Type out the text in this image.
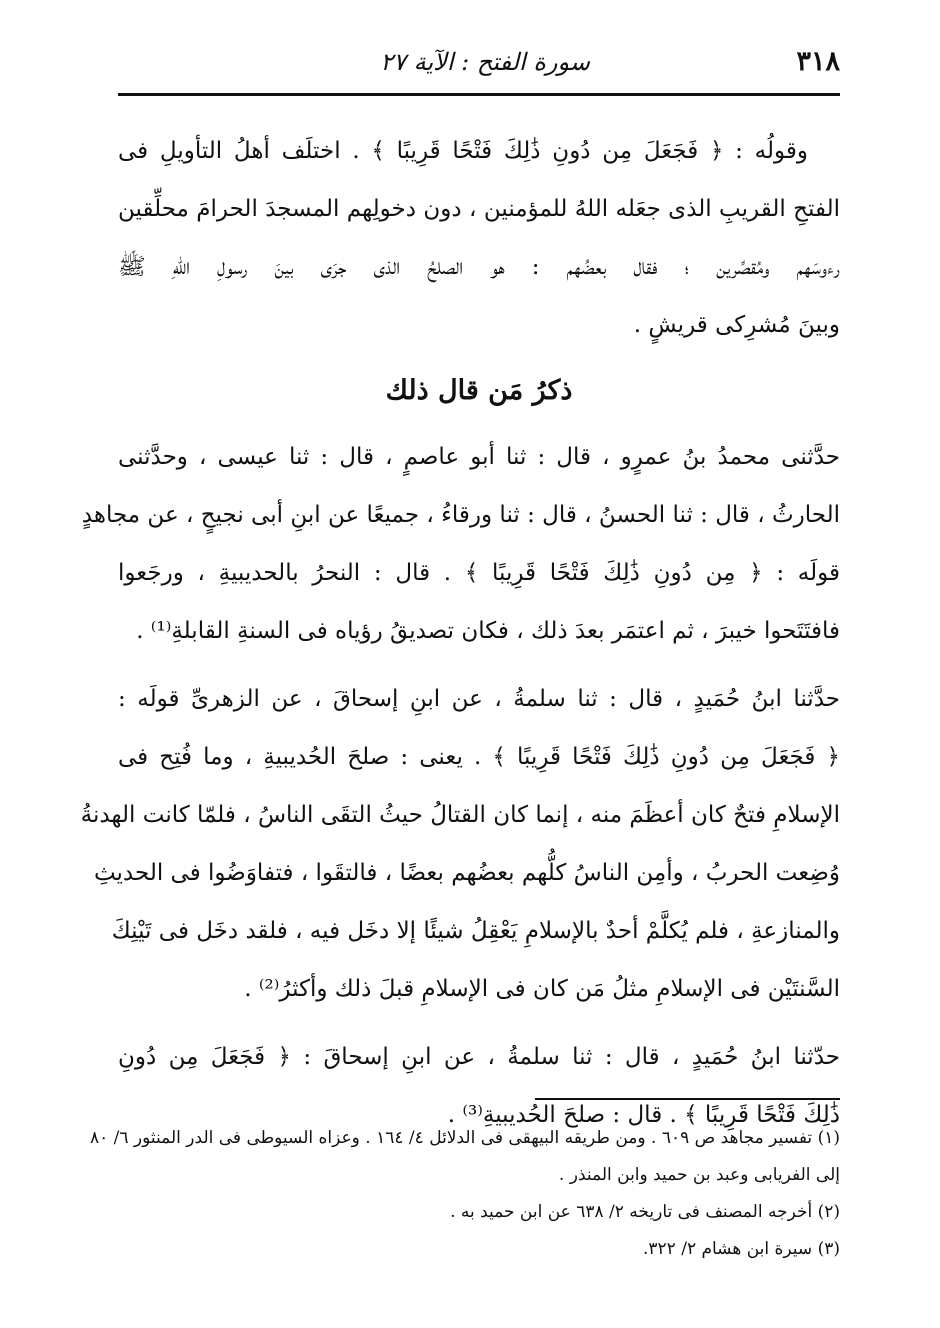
٣١٨
سورة الفتح : الآية ٢٧
وقولُه : ﴿ فَجَعَلَ مِن دُونِ ذَٰلِكَ فَتْحًا قَرِيبًا ﴾ . اختلَف أهلُ التأويلِ فى
الفتحِ القريبِ الذى جعَله اللهُ للمؤمنين ، دون دخولِهم المسجدَ الحرامَ محلِّقين
رءوسَهم ومُقصِّرين ؛ فقال بعضُهم : هو الصلحُ الذى جرَى بينَ رسولِ اللهِ ﷺ
وبينَ مُشرِكى قريشٍ .
ذكرُ مَن قال ذلك
حدَّثنى محمدُ بنُ عمرٍو ، قال : ثنا أبو عاصمٍ ، قال : ثنا عيسى ، وحدَّثنى
الحارثُ ، قال : ثنا الحسنُ ، قال : ثنا ورقاءُ ، جميعًا عن ابنِ أبى نجيحٍ ، عن مجاهدٍ
قولَه : ﴿ مِن دُونِ ذَٰلِكَ فَتْحًا قَرِيبًا ﴾ . قال : النحرُ بالحديبيةِ ، ورجَعوا
فافتَتَحوا خيبرَ ، ثم اعتمَر بعدَ ذلك ، فكان تصديقُ رؤياه فى السنةِ القابلةِ⁽¹⁾ .
حدَّثنا ابنُ حُمَيدٍ ، قال : ثنا سلمةُ ، عن ابنِ إسحاقَ ، عن الزهرىِّ قولَه :
﴿ فَجَعَلَ مِن دُونِ ذَٰلِكَ فَتْحًا قَرِيبًا ﴾ . يعنى : صلحَ الحُديبيةِ ، وما فُتِح فى
الإسلامِ فتحٌ كان أعظَمَ منه ، إنما كان القتالُ حيثُ التقَى الناسُ ، فلمّا كانت الهدنةُ
وُضِعت الحربُ ، وأمِن الناسُ كلُّهم بعضُهم بعضًا ، فالتقَوا ، فتفاوَضُوا فى الحديثِ
والمنازعةِ ، فلم يُكلَّمْ أحدٌ بالإسلامِ يَعْقِلُ شيئًا إلا دخَل فيه ، فلقد دخَل فى تَيْنِكَ
السَّنتَيْن فى الإسلامِ مثلُ مَن كان فى الإسلامِ قبلَ ذلك وأكثرُ⁽²⁾ .
حدّثنا ابنُ حُمَيدٍ ، قال : ثنا سلمةُ ، عن ابنِ إسحاقَ : ﴿ فَجَعَلَ مِن دُونِ
ذَٰلِكَ فَتْحًا قَرِيبًا ﴾ . قال : صلحَ الحُديبيةِ⁽³⁾ .
(١) تفسير مجاهد ص ٦٠٩ . ومن طريقه البيهقى فى الدلائل ٤/ ١٦٤ . وعزاه السيوطى فى الدر المنثور ٦/ ٨٠
إلى الفريابى وعبد بن حميد وابن المنذر .
(٢) أخرجه المصنف فى تاريخه ٢/ ٦٣٨ عن ابن حميد به .
(٣) سيرة ابن هشام ٢/ ٣٢٢.
